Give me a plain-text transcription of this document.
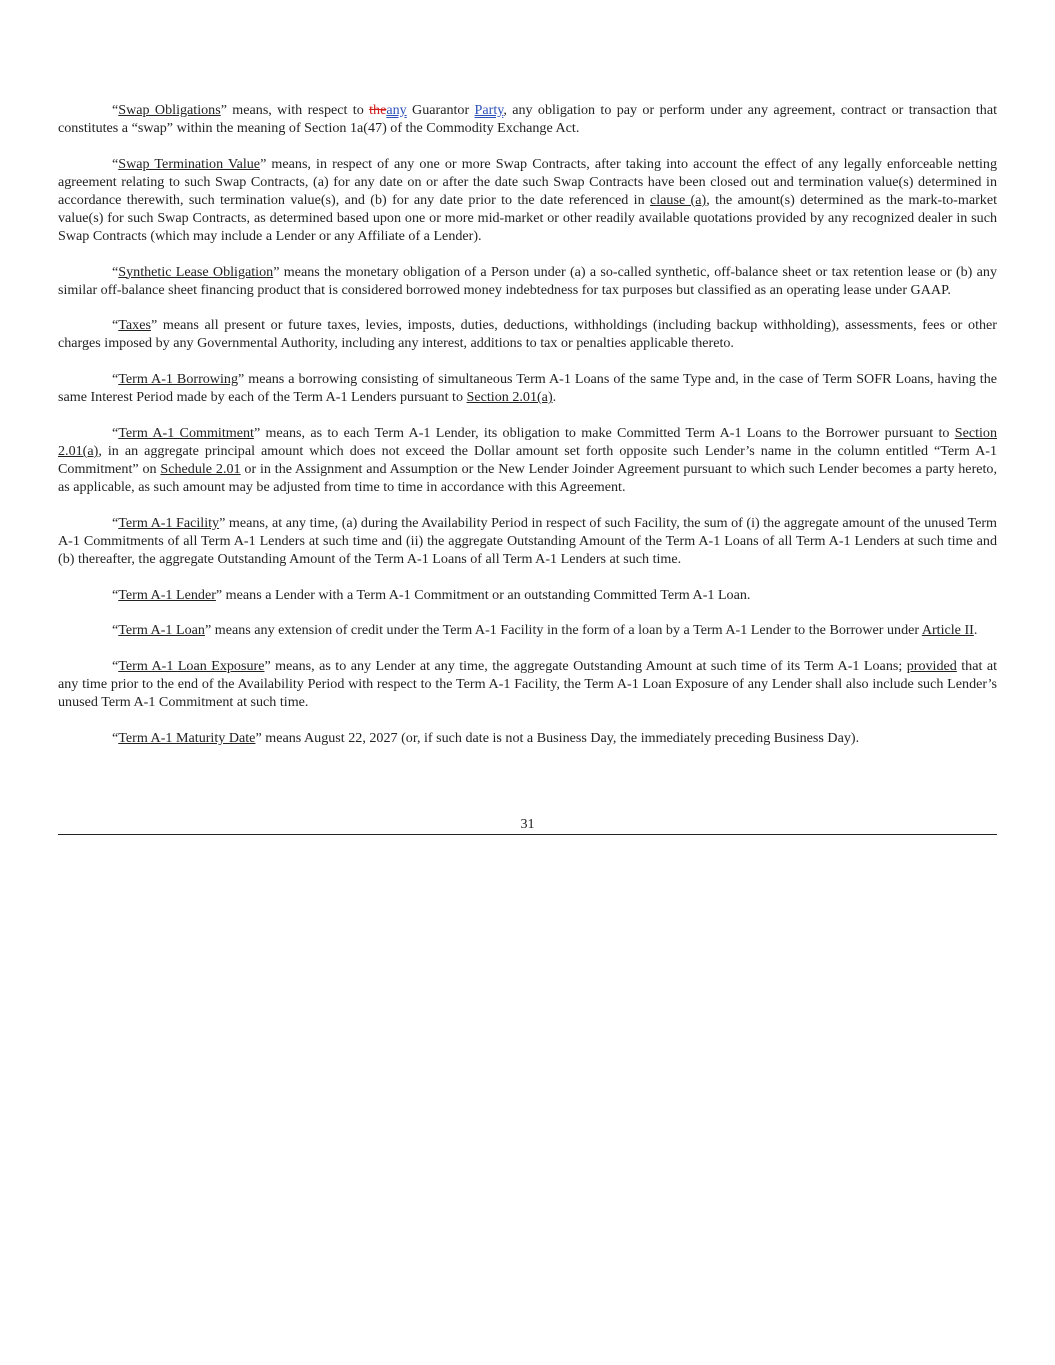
“Swap Obligations” means, with respect to theany Guarantor Party, any obligation to pay or perform under any agreement, contract or transaction that constitutes a “swap” within the meaning of Section 1a(47) of the Commodity Exchange Act.

“Swap Termination Value” means, in respect of any one or more Swap Contracts, after taking into account the effect of any legally enforceable netting agreement relating to such Swap Contracts, (a) for any date on or after the date such Swap Contracts have been closed out and termination value(s) determined in accordance therewith, such termination value(s), and (b) for any date prior to the date referenced in clause (a), the amount(s) determined as the mark-to-market value(s) for such Swap Contracts, as determined based upon one or more mid-market or other readily available quotations provided by any recognized dealer in such Swap Contracts (which may include a Lender or any Affiliate of a Lender).

“Synthetic Lease Obligation” means the monetary obligation of a Person under (a) a so-called synthetic, off-balance sheet or tax retention lease or (b) any similar off-balance sheet financing product that is considered borrowed money indebtedness for tax purposes but classified as an operating lease under GAAP.

“Taxes” means all present or future taxes, levies, imposts, duties, deductions, withholdings (including backup withholding), assessments, fees or other charges imposed by any Governmental Authority, including any interest, additions to tax or penalties applicable thereto.

“Term A-1 Borrowing” means a borrowing consisting of simultaneous Term A-1 Loans of the same Type and, in the case of Term SOFR Loans, having the same Interest Period made by each of the Term A-1 Lenders pursuant to Section 2.01(a).

“Term A-1 Commitment” means, as to each Term A-1 Lender, its obligation to make Committed Term A-1 Loans to the Borrower pursuant to Section 2.01(a), in an aggregate principal amount which does not exceed the Dollar amount set forth opposite such Lender’s name in the column entitled “Term A-1 Commitment” on Schedule 2.01 or in the Assignment and Assumption or the New Lender Joinder Agreement pursuant to which such Lender becomes a party hereto, as applicable, as such amount may be adjusted from time to time in accordance with this Agreement.

“Term A-1 Facility” means, at any time, (a) during the Availability Period in respect of such Facility, the sum of (i) the aggregate amount of the unused Term A-1 Commitments of all Term A-1 Lenders at such time and (ii) the aggregate Outstanding Amount of the Term A-1 Loans of all Term A-1 Lenders at such time and (b) thereafter, the aggregate Outstanding Amount of the Term A-1 Loans of all Term A-1 Lenders at such time.

“Term A-1 Lender” means a Lender with a Term A-1 Commitment or an outstanding Committed Term A-1 Loan.

“Term A-1 Loan” means any extension of credit under the Term A-1 Facility in the form of a loan by a Term A-1 Lender to the Borrower under Article II.

“Term A-1 Loan Exposure” means, as to any Lender at any time, the aggregate Outstanding Amount at such time of its Term A-1 Loans; provided that at any time prior to the end of the Availability Period with respect to the Term A-1 Facility, the Term A-1 Loan Exposure of any Lender shall also include such Lender’s unused Term A-1 Commitment at such time.

“Term A-1 Maturity Date” means August 22, 2027 (or, if such date is not a Business Day, the immediately preceding Business Day).

31
